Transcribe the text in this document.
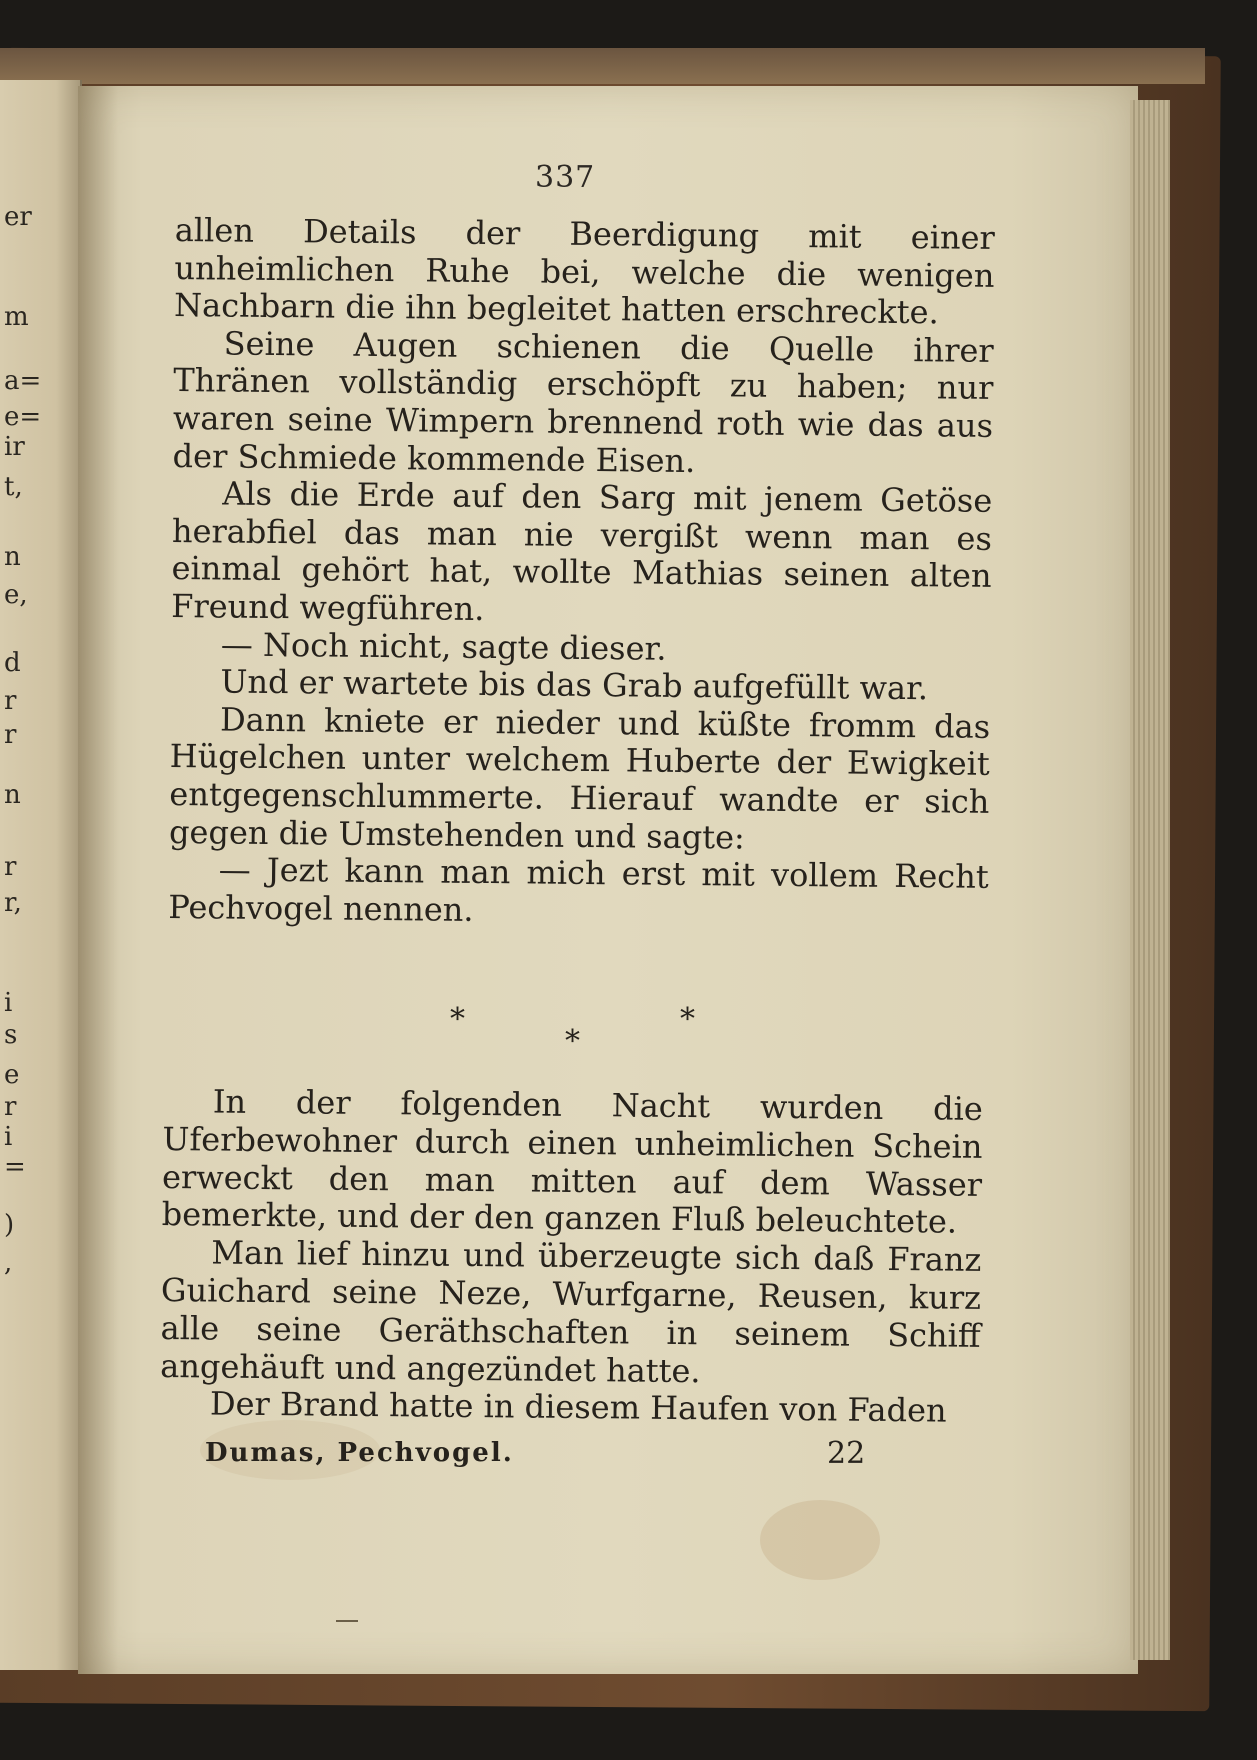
er
m
a=
e=
ir
t,
n
e,
d
r
r
n
r
r,
i
s
e
r
i
=
)
,
337

allen Details der Beerdigung mit einer unheimlichen Ruhe bei, welche die wenigen Nachbarn die ihn begleitet hatten erschreckte.

Seine Augen schienen die Quelle ihrer Thränen vollständig erschöpft zu haben; nur waren seine Wimpern brennend roth wie das aus der Schmiede kommende Eisen.

Als die Erde auf den Sarg mit jenem Getöse herabfiel das man nie vergißt wenn man es einmal gehört hat, wollte Mathias seinen alten Freund wegführen.

— Noch nicht, sagte dieser.

Und er wartete bis das Grab aufgefüllt war.

Dann kniete er nieder und küßte fromm das Hügelchen unter welchem Huberte der Ewigkeit entgegenschlummerte. Hierauf wandte er sich gegen die Umstehenden und sagte:

— Jezt kann man mich erst mit vollem Recht Pechvogel nennen.

*
*
*

In der folgenden Nacht wurden die Uferbewohner durch einen unheimlichen Schein erweckt den man mitten auf dem Wasser bemerkte, und der den ganzen Fluß beleuchtete.

Man lief hinzu und überzeugte sich daß Franz Guichard seine Neze, Wurfgarne, Reusen, kurz alle seine Geräthschaften in seinem Schiff angehäuft und angezündet hatte.

Der Brand hatte in diesem Haufen von Faden

Dumas, Pechvogel.	22
